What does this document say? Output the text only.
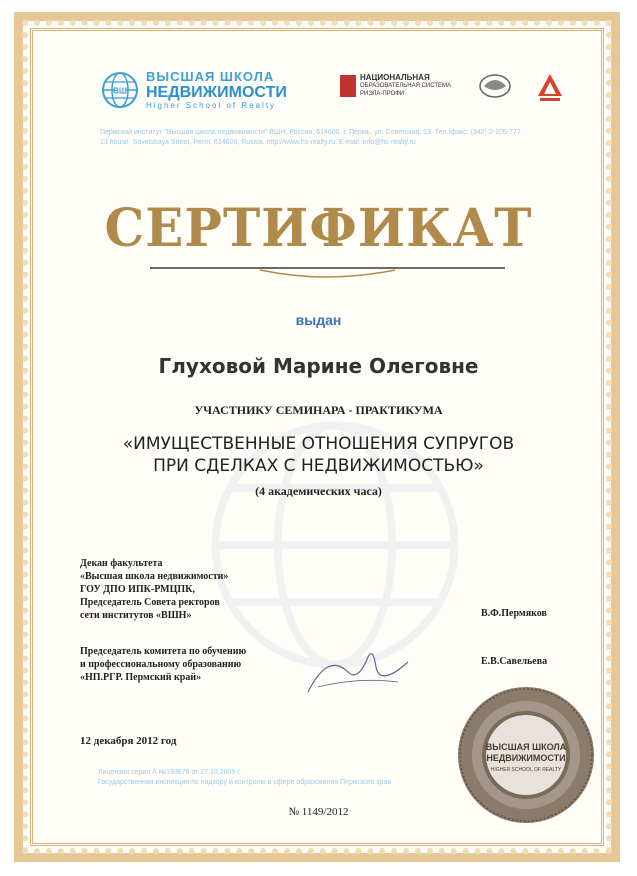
ВШ
ВЫСШАЯ ШКОЛА
НЕДВИЖИМОСТИ
Higher School of Realty
НАЦИОНАЛЬНАЯ
ОБРАЗОВАТЕЛЬНАЯ СИСТЕМА
РИЭЛА-ПРОФИ
Пермский институт "Высшая школа недвижимости" ВШН, Россия, 614600, г. Пермь, ул. Советская, 13. Тел./факс: (342) 2-105-777
13 house, Sovetskaya Street, Perm, 614600, Russia. http://www.hs-realty.ru. E-mail: info@hs-realty.ru
СЕРТИФИКАТ
выдан
Глуховой Марине Олеговне
УЧАСТНИКУ СЕМИНАРА - ПРАКТИКУМА
«ИМУЩЕСТВЕННЫЕ ОТНОШЕНИЯ СУПРУГОВ
ПРИ СДЕЛКАХ С НЕДВИЖИМОСТЬЮ»
(4 академических часа)
Декан факультета
«Высшая школа недвижимости»
ГОУ ДПО ИПК-РМЦПК,
Председатель Совета ректоров
сети институтов «ВШН»	В.Ф.Пермяков
Председатель комитета по обучению
и профессиональному образованию
«НП.РГР. Пермский край»
Е.В.Савельева
12 декабря 2012 год
Лицензия серия А №193676 от 27.10.2009 г.
Государственная инспекция по надзору и контролю в сфере образования Пермского края
№ 1149/2012
ВЫСШАЯ ШКОЛА
НЕДВИЖИМОСТИ
HIGHER SCHOOL OF REALTY
